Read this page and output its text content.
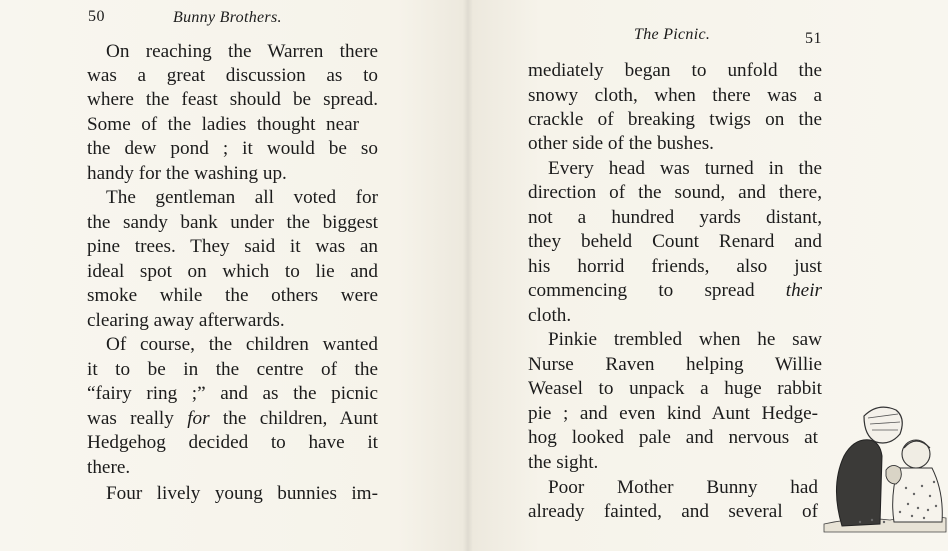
50	Bunny Brothers.
On reaching the Warren there
was a great discussion as to
where the feast should be spread.
Some of the ladies thought near
the dew pond ; it would be so
handy for the washing up.
The gentleman all voted for
the sandy bank under the biggest
pine trees. They said it was an
ideal spot on which to lie and
smoke while the others were
clearing away afterwards.
Of course, the children wanted
it to be in the centre of the
“fairy ring ;” and as the picnic
was really for the children, Aunt
Hedgehog decided to have it
there.
Four lively young bunnies im-
The Picnic.	51
mediately began to unfold the
snowy cloth, when there was a
crackle of breaking twigs on the
other side of the bushes.
Every head was turned in the
direction of the sound, and there,
not a hundred yards distant,
they beheld Count Renard and
his horrid friends, also just
commencing to spread their
cloth.
Pinkie trembled when he saw
Nurse Raven helping Willie
Weasel to unpack a huge rabbit
pie ; and even kind Aunt Hedge-
hog looked pale and nervous at
the sight.
Poor Mother Bunny had
already fainted, and several of
